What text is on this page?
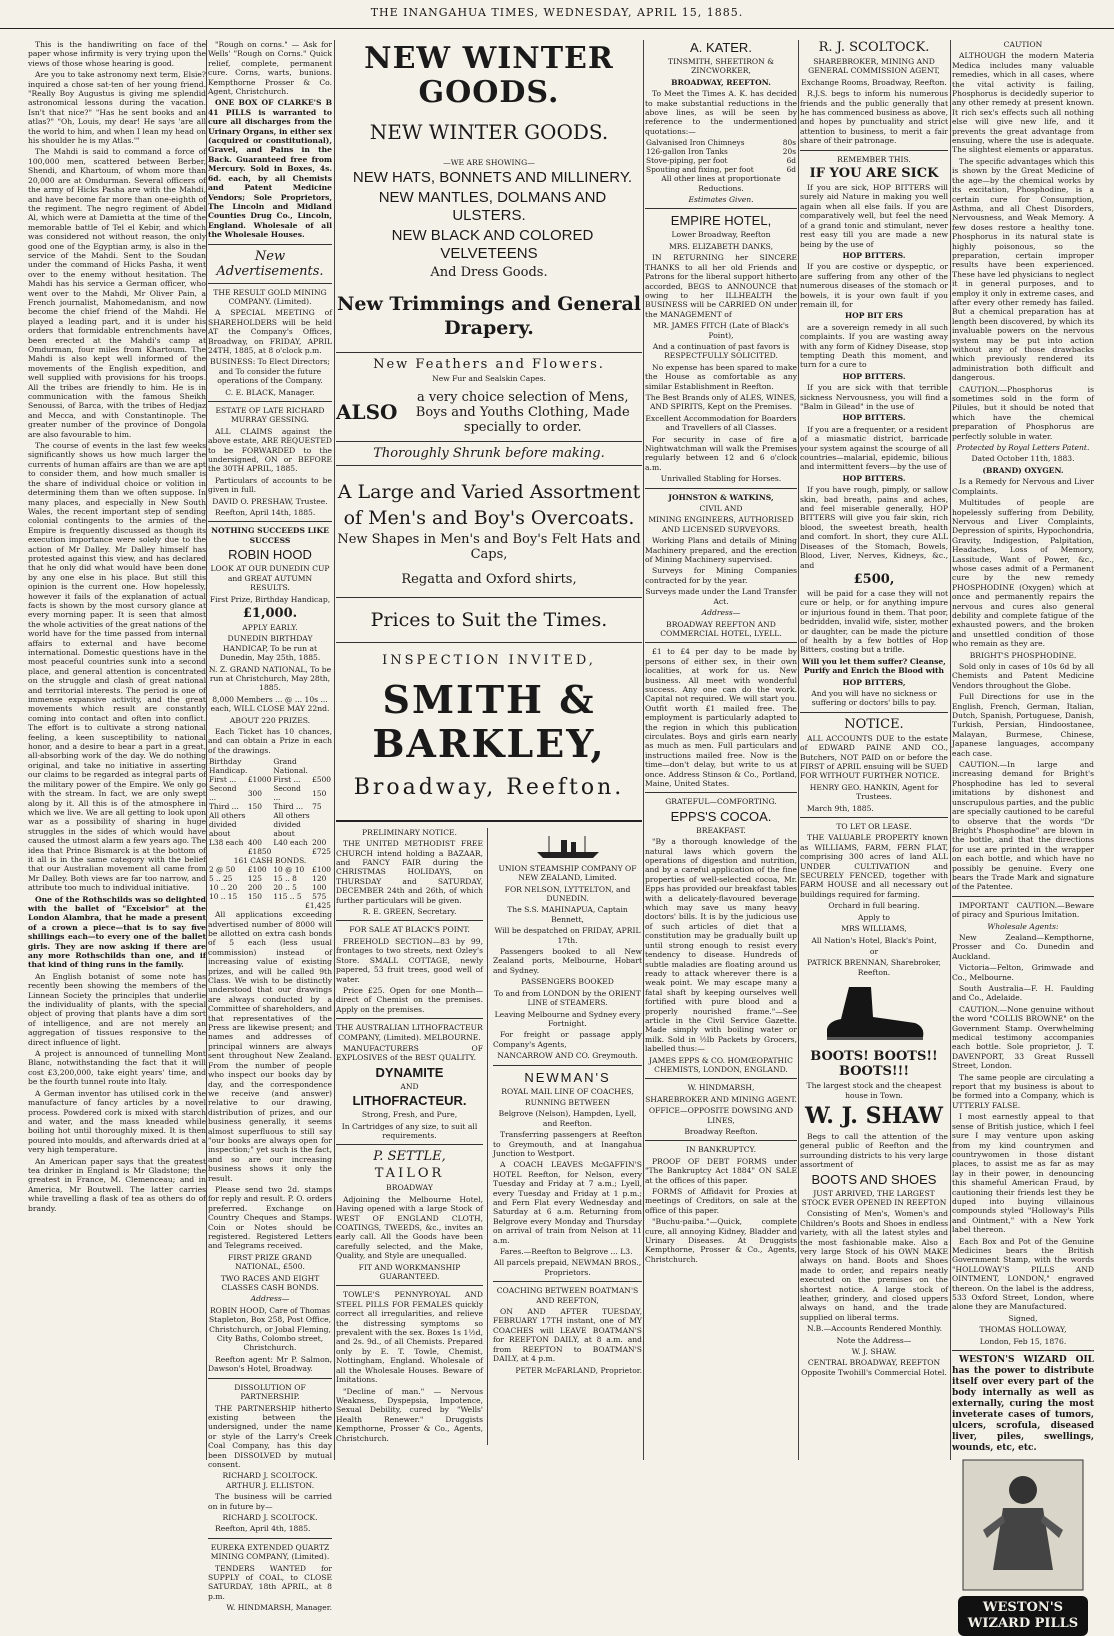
THE INANGAHUA TIMES, WEDNESDAY, APRIL 15, 1885.

This is the handiwriting on face of the paper whose infirmity is very trying upon the views of those whose hearing is good.

Are you to take astronomy next term, Elsie? inquired a chose sat-ten of her young friend. "Really Boy Augustus is giving me splendid astronomical lessons during the vacation. Isn't that nice?" "Has he sent books and an atlas?" "Oh, Louis, my dear! He says 'are all the world to him, and when I lean my head on his shoulder he is my Atlas.'"

The Mahdi is said to command a force of 100,000 men, scattered between Berber, Shendi, and Khartoum, of whom more than 20,000 are at Omdurman. Several officers of the army of Hicks Pasha are with the Mahdi, and have become far more than one-eighth of the regiment. The negro regiment of Abdel Al, which were at Damietta at the time of the memorable battle of Tel el Kebir, and which was considered not without reason, the only good one of the Egyptian army, is also in the service of the Mahdi. Sent to the Soudan under the command of Hicks Pasha, it went over to the enemy without hesitation. The Mahdi has his service a German officer, who went over to the Mahdi, Mr Oliver Pain, a French journalist, Mahomedanism, and now become the chief friend of the Mahdi. He played a leading part, and it is under his orders that formidable entrenchments have been erected at the Mahdi's camp at Omdurman, four miles from Khartoum. The Mahdi is also kept well informed of the movements of the English expedition, and well supplied with provisions for his troops. All the tribes are friendly to him. He is in communication with the famous Sheikh Senoussi, of Barca, with the tribes of Hedjaz and Mecca, and with Constantinople. The greater number of the province of Dongola are also favourable to him.

The course of events in the last few weeks significantly shows us how much larger the currents of human affairs are than we are apt to consider them, and how much smaller is the share of individual choice or volition in determining them than we often suppose. In many places, and especially in New South Wales, the recent important step of sending colonial contingents to the armies of the Empire is frequently discussed as though its execution importance were solely due to the action of Mr Dalley. Mr Dalley himself has protested against this view, and has declared that he only did what would have been done by any one else in his place. But still this opinion is the current one. How hopelessly, however it fails of the explanation of actual facts is shown by the most cursory glance at every morning paper. It is seen that almost the whole activities of the great nations of the world have for the time passed from internal affairs to external and have become international. Domestic questions have in the most peaceful countries sunk into a second place, and general attention is concentrated on the struggle and clash of great national and territorial interests. The period is one of immense expansive activity, and the great movements which result are constantly coming into contact and often into conflict. The effort is to cultivate a strong national feeling, a keen susceptibility to national honor, and a desire to bear a part in a great, all-absorbing work of the day. We do nothing original, and take no initiative in asserting our claims to be regarded as integral parts of the military power of the Empire. We only go with the stream. In fact, we are only swept along by it. All this is of the atmosphere in which we live. We are all getting to look upon war as a possibility of sharing in huge struggles in the sides of which would have caused the utmost alarm a few years ago. The idea that Prince Bismarck is at the bottom of it all is in the same category with the belief that our Australian movement all came from Mr Dalley. Both views are far too narrow, and attribute too much to individual initiative.

One of the Rothschilds was so delighted with the ballet of "Excelsior" at the London Alambra, that he made a present of a crown a piece—that is to say five shillings each—to every one of the ballet girls. They are now asking if there are any more Rothschilds than one, and if that kind of thing runs in the family.

An English botanist of some note has recently been showing the members of the Linnean Society the principles that underlie the individuality of plants, with the special object of proving that plants have a dim sort of intelligence, and are not merely an aggregation of tissues responsive to the direct influence of light.

A project is announced of tunnelling Mont Blanc, notwithstanding the fact that it will cost £3,200,000, take eight years' time, and be the fourth tunnel route into Italy.

A German inventor has utilised cork in the manufacture of fancy articles by a novel process. Powdered cork is mixed with starch and water, and the mass kneaded while boiling hot until thoroughly mixed. It is then poured into moulds, and afterwards dried at a very high temperature.

An American paper says that the greatest tea drinker in England is Mr Gladstone; the greatest in France, M. Clemenceau; and in America, Mr Boutwell. The latter carries while travelling a flask of tea as others do of brandy.

"Rough on corns." — Ask for Wells' "Rough on Corns." Quick relief, complete, permanent cure. Corns, warts, bunions. Kempthorne Prosser & Co. Agent, Christchurch.

ONE BOX OF CLARKE'S B 41 PILLS is warranted to cure all discharges from the Urinary Organs, in either sex (acquired or constitutional), Gravel, and Pains in the Back. Guaranteed free from Mercury. Sold in Boxes, 4s. 6d. each, by all Chemists and Patent Medicine Vendors; Sole Proprietors, The Lincoln and Midland Counties Drug Co., Lincoln, England. Wholesale of all the Wholesale Houses.

New Advertisements.

THE RESULT GOLD MINING COMPANY. (Limited).

A SPECIAL MEETING of SHAREHOLDERS will be held AT the Company's Offices, Broadway, on FRIDAY, APRIL 24TH, 1885, at 8 o'clock p.m.

BUSINESS: To Elect Directors; and To consider the future operations of the Company.

C. E. BLACK, Manager.

ESTATE OF LATE RICHARD MURRAY GESSING.

ALL CLAIMS against the above estate, ARE REQUESTED to be FORWARDED to the undersigned, ON or BEFORE the 30TH APRIL, 1885.

Particulars of accounts to be given in full.

DAVID O. PRESHAW, Trustee.

Reefton, April 14th, 1885.

NOTHING SUCCEEDS LIKE SUCCESS

ROBIN HOOD

LOOK AT OUR DUNEDIN CUP and GREAT AUTUMN RESULTS.

First Prize, Birthday Handicap,

£1,000.

APPLY EARLY.

DUNEDIN BIRTHDAY HANDICAP, To be run at Dunedin, May 25th, 1885.

N. Z. GRAND NATIONAL, To be run at Christchurch, May 28th, 1885.

8,000 Members ... @ ... 10s ... each, WILL CLOSE MAY 22nd.

ABOUT 220 PRIZES.

Each Ticket has 10 chances, and can obtain a Prize in each of the drawings.

Birthday Handicap.		Grand National.	
First ...	£1000	First ...	£500
Second ...	300	Second ...	150
Third ...	150	Third ...	75
All others divided about		All others divided about	
L38 each	400	L40 each	200
	£1850		£725
161 CASH BONDS.			
2 @ 50	£100	10 @ 10	£100
5 .. 25	125	15 .. 8	120
10 .. 20	200	20 .. 5	100
10 .. 15	150	115 .. 5	575
£1,425			

All applications exceeding advertised number of 8000 will be allotted on extra cash bonds of 5 each (less usual commission) instead of increasing value of existing prizes, and will be called 9th Class. We wish to be distinctly understood that our drawings are always conducted by a Committee of shareholders, and that representatives of the Press are likewise present; and names and addresses of principal winners are always sent throughout New Zealand. From the number of people who inspect our books day by day, and the correspondence we receive (and answer) relative to our drawing, distribution of prizes, and our business generally, it seems almost superfluous to still say "our books are always open for inspection;" yet such is the fact, and so are our increasing business shows it only the result.

Please send two 2d. stamps for reply and result. P. O. orders preferred. Exchange on Country Cheques and Stamps. Coin or Notes should be registered. Registered Letters and Telegrams received.

FIRST PRIZE GRAND NATIONAL, £500.

TWO RACES AND EIGHT CLASSES CASH BONDS.

Address—

ROBIN HOOD, Care of Thomas Stapleton, Box 258, Post Office, Christchurch, or Jobal Fleming, City Baths, Colombo street, Christchurch.

Reefton agent: Mr P. Salmon, Dawson's Hotel, Broadway.

DISSOLUTION OF PARTNERSHIP.

THE PARTNERSHIP hitherto existing between the undersigned, under the name or style of the Larry's Creek Coal Company, has this day been DISSOLVED by mutual consent.

RICHARD J. SCOLTOCK. ARTHUR J. ELLISTON.

The business will be carried on in future by—

RICHARD J. SCOLTOCK.

Reefton, April 4th, 1885.

EUREKA EXTENDED QUARTZ MINING COMPANY, (Limited).

TENDERS WANTED for SUPPLY of COAL, to CLOSE SATURDAY, 18th APRIL, at 8 p.m.

W. HINDMARSH, Manager.

NEW WINTER GOODS.
NEW WINTER GOODS.

—WE ARE SHOWING—

NEW HATS, BONNETS AND MILLINERY.

NEW MANTLES, DOLMANS AND ULSTERS.

NEW BLACK AND COLORED VELVETEENS

And Dress Goods.

New Trimmings and General Drapery.

New Feathers and Flowers.

New Fur and Sealskin Capes.

ALSO
a very choice selection of Mens, Boys and Youths Clothing, Made specially to order.

Thoroughly Shrunk before making.

A Large and Varied Assortment

of Men's and Boy's Overcoats.

New Shapes in Men's and Boy's Felt Hats and Caps,

Regatta and Oxford shirts,

Prices to Suit the Times.

INSPECTION INVITED,

SMITH & BARKLEY,

Broadway, Reefton.

PRELIMINARY NOTICE.

THE UNITED METHODIST FREE CHURCH intend holding a BAZAAR, and FANCY FAIR during the CHRISTMAS HOLIDAYS, on THURSDAY and SATURDAY, DECEMBER 24th and 26th, of which further particulars will be given.

R. E. GREEN, Secretary.

FOR SALE AT BLACK'S POINT.

FREEHOLD SECTION—83 by 99, frontages to two streets, next Ozley's Store. SMALL COTTAGE, newly papered, 53 fruit trees, good well of water.

Price £25. Open for one Month—direct of Chemist on the premises. Apply on the premises.

THE AUSTRALIAN LITHOFRACTEUR COMPANY, (Limited). MELBOURNE.

MANUFACTURERS OF EXPLOSIVES of the BEST QUALITY.

DYNAMITE

AND

LITHOFRACTEUR.

Strong, Fresh, and Pure,

In Cartridges of any size, to suit all requirements.

P. SETTLE,

TAILOR

BROADWAY

Adjoining the Melbourne Hotel, Having opened with a large Stock of WEST OF ENGLAND CLOTH, COATINGS, TWEEDS, &c., invites an early call. All the Goods have been carefully selected, and the Make, Quality, and Style are unequalled.

FIT AND WORKMANSHIP GUARANTEED.

TOWLE'S PENNYROYAL AND STEEL PILLS FOR FEMALES quickly correct all irregularities, and relieve the distressing symptoms so prevalent with the sex. Boxes 1s 1½d, and 2s. 9d., of all Chemists. Prepared only by E. T. Towle, Chemist, Nottingham, England. Wholesale of all the Wholesale Houses. Beware of Imitations.

"Decline of man." — Nervous Weakness, Dyspepsia, Impotence, Sexual Debility, cured by "Wells' Health Renewer." Druggists Kempthorne, Prosser & Co., Agents, Christchurch.

UNION STEAMSHIP COMPANY OF NEW ZEALAND, Limited.

FOR NELSON, LYTTELTON, and DUNEDIN.

The S.S. MAHINAPUA, Captain Bennett,

Will be despatched on FRIDAY, APRIL 17th.

Passengers booked to all New Zealand ports, Melbourne, Hobart and Sydney.

PASSENGERS BOOKED

To and from LONDON by the ORIENT LINE of STEAMERS.

Leaving Melbourne and Sydney every Fortnight.

For freight or passage apply Company's Agents,

NANCARROW AND CO. Greymouth.

NEWMAN'S

ROYAL MAIL LINE OF COACHES,

RUNNING BETWEEN

Belgrove (Nelson), Hampden, Lyell, and Reefton.

Transferring passengers at Reefton to Greymouth, and at Inangahua Junction to Westport.

A COACH LEAVES McGAFFIN'S HOTEL Reefton, for Nelson, every Tuesday and Friday at 7 a.m.; Lyell, every Tuesday and Friday at 1 p.m.; and Fern Flat every Wednesday and Saturday at 6 a.m. Returning from Belgrove every Monday and Thursday on arrival of train from Nelson at 11 a.m.

Fares.—Reefton to Belgrove ... L3.

All parcels prepaid, NEWMAN BROS., Proprietors.

COACHING BETWEEN BOATMAN'S AND REEFTON,

ON AND AFTER TUESDAY, FEBRUARY 17TH instant, one of MY COACHES will LEAVE BOATMAN'S for REEFTON DAILY, at 8 a.m. and from REEFTON to BOATMAN'S DAILY, at 4 p.m.

PETER McFARLAND, Proprietor.

A. KATER.

TINSMITH, SHEETIRON & ZINCWORKER,

BROADWAY, REEFTON.

To Meet the Times A. K. has decided to make substantial reductions in the above lines, as will be seen by reference to the undermentioned quotations:—

Galvanised Iron Chimneys	80s
126-gallon Iron Tanks	20s
Stove-piping, per foot	6d
Spouting and fixing, per foot	6d

All other lines at proportionate Reductions.

Estimates Given.

EMPIRE HOTEL,

Lower Broadway, Reefton

MRS. ELIZABETH DANKS,

IN RETURNING her SINCERE THANKS to all her old Friends and Patrons for the liberal support hitherto accorded, BEGS to ANNOUNCE that owing to her ILLHEALTH the BUSINESS will be CARRIED ON under the MANAGEMENT of

MR. JAMES FITCH (Late of Black's Point),

And a continuation of past favors is RESPECTFULLY SOLICITED.

No expense has been spared to make the House as comfortable as any similar Establishment in Reefton.

The Best Brands only of ALES, WINES, AND SPIRITS, Kept on the Premises.

Excellent Accommodation for Boarders and Travellers of all Classes.

For security in case of fire a Nightwatchman will walk the Premises regularly between 12 and 6 o'clock a.m.

Unrivalled Stabling for Horses.

JOHNSTON & WATKINS,

CIVIL AND

MINING ENGINEERS, AUTHORISED AND LICENSED SURVEYORS.

Working Plans and details of Mining Machinery prepared, and the erection of Mining Machinery supervised.

Surveys for Mining Companies contracted for by the year.

Surveys made under the Land Transfer Act.

Address—

BROADWAY REEFTON AND COMMERCIAL HOTEL, LYELL.

£1 to £4 per day to be made by persons of either sex, in their own localities, at work for us. New business. All meet with wonderful success. Any one can do the work. Capital not required. We will start you. Outfit worth £1 mailed free. The employment is particularly adapted to the region in which this publication circulates. Boys and girls earn nearly as much as men. Full particulars and instructions mailed free. Now is the time—don't delay, but write to us at once. Address Stinson & Co., Portland, Maine, United States.

GRATEFUL—COMFORTING.

EPPS'S COCOA.

BREAKFAST.

"By a thorough knowledge of the natural laws which govern the operations of digestion and nutrition, and by a careful application of the fine properties of well-selected cocoa, Mr. Epps has provided our breakfast tables with a delicately-flavoured beverage which may save us many heavy doctors' bills. It is by the judicious use of such articles of diet that a constitution may be gradually built up until strong enough to resist every tendency to disease. Hundreds of subtle maladies are floating around us ready to attack wherever there is a weak point. We may escape many a fatal shaft by keeping ourselves well fortified with pure blood and a properly nourished frame."—See article in the Civil Service Gazette. Made simply with boiling water or milk. Sold in ½lb Packets by Grocers, labelled thus:—

JAMES EPPS & CO. HOMŒOPATHIC CHEMISTS, LONDON, ENGLAND.

W. HINDMARSH,

SHAREBROKER AND MINING AGENT.

OFFICE—OPPOSITE DOWSING AND LINES,

Broadway Reefton.

IN BANKRUPTCY.

PROOF OF DEBT FORMS under "The Bankruptcy Act 1884" ON SALE at the offices of this paper.

FORMS of Affidavit for Proxies at meetings of Creditors, on sale at the office of this paper.

"Buchu-paiba."—Quick, complete cure, all annoying Kidney, Bladder and Urinary Diseases. At Druggists Kempthorne, Prosser & Co., Agents, Christchurch.

R. J. SCOLTOCK.

SHAREBROKER, MINING AND GENERAL COMMISSION AGENT,

Exchange Rooms, Broadway, Reefton.

R.J.S. begs to inform his numerous friends and the public generally that he has commenced business as above, and hopes by punctuality and strict attention to business, to merit a fair share of their patronage.

REMEMBER THIS.

IF YOU ARE SICK

If you are sick, HOP BITTERS will surely aid Nature in making you well again when all else fails. If you are comparatively well, but feel the need of a grand tonic and stimulant, never rest easy till you are made a new being by the use of

HOP BITTERS.

If you are costive or dyspeptic, or are suffering from any other of the numerous diseases of the stomach or bowels, it is your own fault if you remain ill, for

HOP BIT ERS

are a sovereign remedy in all such complaints. If you are wasting away with any form of Kidney Disease, stop tempting Death this moment, and turn for a cure to

HOP BITTERS.

If you are sick with that terrible sickness Nervousness, you will find a "Balm in Gilead" in the use of

HOP BITTERS.

If you are a frequenter, or a resident of a miasmatic district, barricade your system against the scourge of all countries—malarial, epidemic, bilious and intermittent fevers—by the use of

HOP BITTERS.

If you have rough, pimply, or sallow skin, bad breath, pains and aches, and feel miserable generally, HOP BITTERS will give you fair skin, rich blood, the sweetest breath, health and comfort. In short, they cure ALL Diseases of the Stomach, Bowels, Blood, Liver, Nerves, Kidneys, &c., and

£500,

will be paid for a case they will not cure or help, or for anything impure or injurious found in them. That poor, bedridden, invalid wife, sister, mother or daughter, can be made the picture of health by a few bottles of Hop Bitters, costing but a trifle.

Will you let them suffer? Cleanse, Purify and Enrich the Blood with

HOP BITTERS,

And you will have no sickness or suffering or doctors' bills to pay.

NOTICE.

ALL ACCOUNTS DUE to the estate of EDWARD PAINE AND CO., Butchers, NOT PAID on or before the FIRST of APRIL ensuing will be SUED FOR WITHOUT FURTHER NOTICE.

HENRY GEO. HANKIN, Agent for Trustees.

March 9th, 1885.

TO LET OR LEASE.

THE VALUABLE PROPERTY known as WILLIAMS, FARM, FERN FLAT, comprising 300 acres of land ALL UNDER CULTIVATION and SECURELY FENCED, together with FARM HOUSE and all necessary out buildings required for farming.

Orchard in full bearing.

Apply to

MRS WILLIAMS,

All Nation's Hotel, Black's Point,

or

PATRICK BRENNAN, Sharebroker, Reefton.

BOOTS! BOOTS!! BOOTS!!!

The largest stock and the cheapest house in Town.

W. J. SHAW

Begs to call the attention of the general public of Reefton and the surrounding districts to his very large assortment of

BOOTS AND SHOES

JUST ARRIVED, THE LARGEST STOCK EVER OPENED IN REEFTON

Consisting of Men's, Women's and Children's Boots and Shoes in endless variety, with all the latest styles and the most fashionable make. Also a very large Stock of his OWN MAKE always on hand. Boots and Shoes made to order, and repairs neatly executed on the premises on the shortest notice. A large stock of leather, grindery, and closed uppers always on hand, and the trade supplied on liberal terms.

N.B.—Accounts Rendered Monthly.

Note the Address—

W. J. SHAW.

CENTRAL BROADWAY, REEFTON Opposite Twohill's Commercial Hotel.

CAUTION

ALTHOUGH the modern Materia Medica includes many valuable remedies, which in all cases, where the vital activity is failing, Phosphorus is decidedly superior to any other remedy at present known. It rich sex's effects such all nothing else will give new life, and it prevents the great advantage from ensuing, where the use is adequate. The slightest elements or apparatus.

The specific advantages which this is shown by the Great Medicine of the age—by the chemical works by its excitation, Phosphodine, is a certain cure for Consumption, Asthma, and all Chest Disorders, Nervousness, and Weak Memory. A few doses restore a healthy tone. Phosphorus in its natural state is highly poisonous, so the preparation, certain improper results have been experienced. These have led physicians to neglect it in general purposes, and to employ it only in extreme cases, and after every other remedy has failed. But a chemical preparation has at length been discovered, by which its invaluable powers on the nervous system may be put into action without any of those drawbacks which previously rendered its administration both difficult and dangerous.

CAUTION.—Phosphorus is sometimes sold in the form of Pilules, but it should be noted that which have the chemical preparation of Phosphorus are perfectly soluble in water.

Protected by Royal Letters Patent.

Dated October 11th, 1883.

(BRAND) OXYGEN.

Is a Remedy for Nervous and Liver Complaints.

Multitudes of people are hopelessly suffering from Debility, Nervous and Liver Complaints, Depression of spirits, Hypochondria, Gravity, Indigestion, Palpitation, Headaches, Loss of Memory, Lassitude, Want of Power, &c., whose cases admit of a Permanent cure by the new remedy PHOSPHODINE (Oxygen) which at once and permanently repairs the nervous and cures also general debility and complete fatigue of the exhausted powers, and the broken and unsettled condition of those who remain as they are.

BRIGHT'S PHOSPHODINE.

Sold only in cases of 10s 6d by all Chemists and Patent Medicine Vendors throughout the Globe.

Full Directions for use in the English, French, German, Italian, Dutch, Spanish, Portuguese, Danish, Turkish, Persian, Hindoostanee, Malayan, Burmese, Chinese, Japanese languages, accompany each case.

CAUTION.—In large and increasing demand for Bright's Phosphodine has led to several imitations by dishonest and unscrupulous parties, and the public are specially cautioned to be careful to observe that the words "Dr Bright's Phosphodine" are blown in the bottle, and that the directions for use are printed in the wrapper on each bottle, and which have no possibly be genuine. Every one bears the Trade Mark and signature of the Patentee.

IMPORTANT CAUTION.—Beware of piracy and Spurious Imitation.

Wholesale Agents:

New Zealand—Kempthorne, Prosser and Co. Dunedin and Auckland.

Victoria—Felton, Grimwade and Co., Melbourne.

South Australia—F. H. Faulding and Co., Adelaide.

CAUTION.—None genuine without the word "COLLIS BROWNE" on the Government Stamp. Overwhelming medical testimony accompanies each bottle. Sole proprietor, J. T. DAVENPORT, 33 Great Russell Street, London.

The same people are circulating a report that my business is about to be formed into a Company, which is UTTERLY FALSE.

I most earnestly appeal to that sense of British justice, which I feel sure I may venture upon asking from my kind countrymen and countrywomen in those distant places, to assist me as far as may lay in their power, in denouncing this shameful American Fraud, by cautioning their friends lest they be duped into buying villainous compounds styled "Holloway's Pills and Ointment," with a New York label thereon.

Each Box and Pot of the Genuine Medicines bears the British Government Stamp, with the words "HOLLOWAY'S PILLS AND OINTMENT, LONDON," engraved thereon. On the label is the address, 533 Oxford Street, London, where alone they are Manufactured.

Signed,

THOMAS HOLLOWAY,

London, Feb 15, 1876.

WESTON'S WIZARD OIL has the power to distribute itself over every part of the body internally as well as externally, curing the most inveterate cases of tumors, ulcers, scrofula, diseased liver, piles, swellings, wounds, etc, etc.

WESTON'S WIZARD PILLS
